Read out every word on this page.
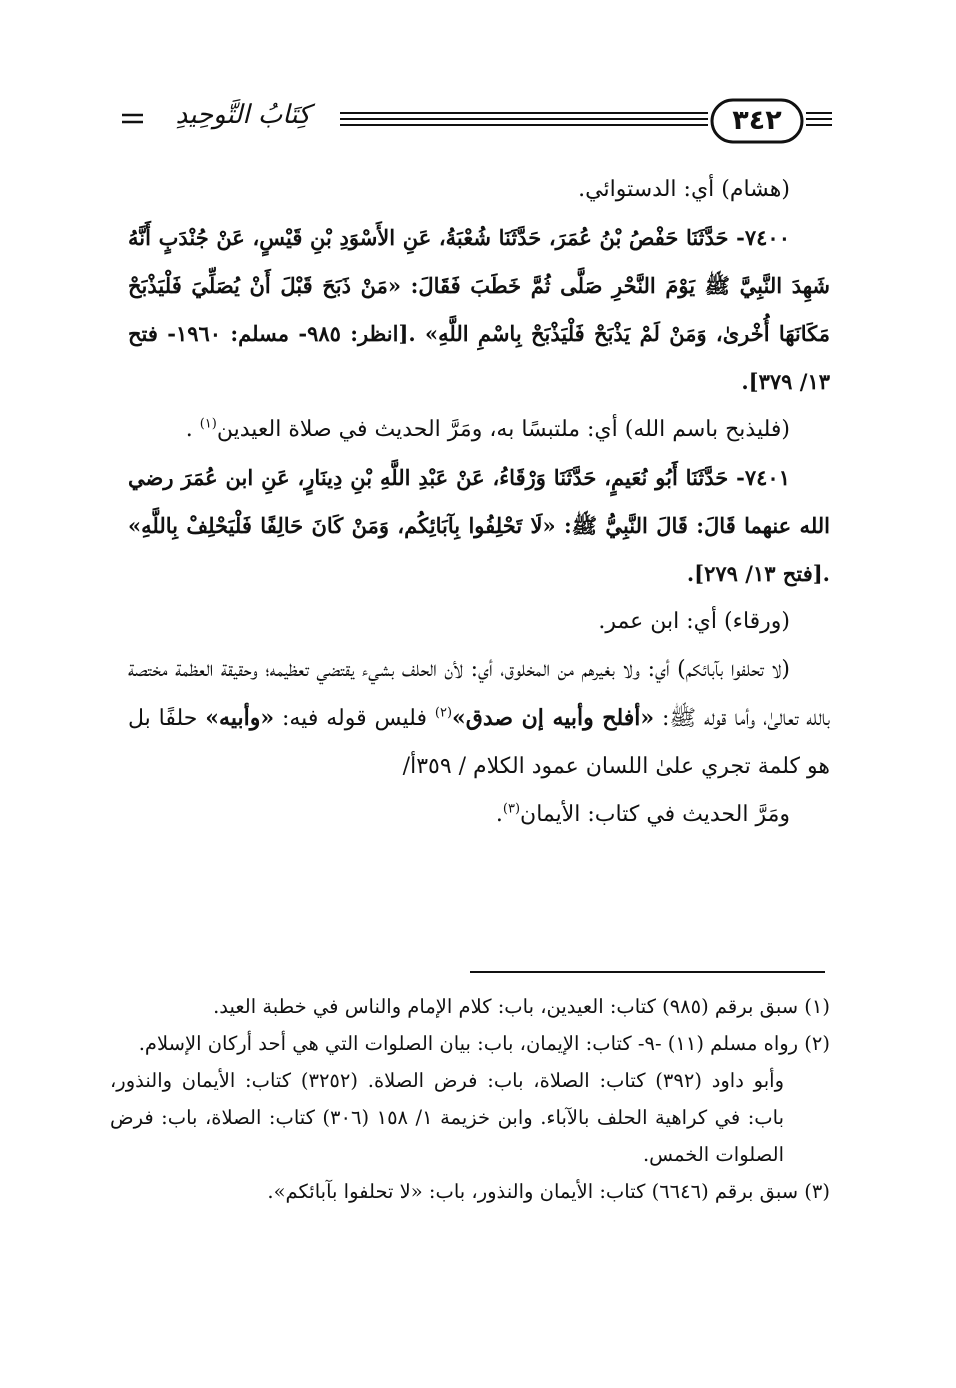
كِتَابُ التَّوحِيدِ	٣٤٢

(هشام) أي: الدستوائي.

٧٤٠٠- حَدَّثَنَا حَفْصُ بْنُ عُمَرَ، حَدَّثَنَا شُعْبَةُ، عَنِ الأَسْوَدِ بْنِ قَيْسٍ، عَنْ جُنْدَبٍ أَنَّهُ شَهِدَ النَّبِيَّ ﷺ يَوْمَ النَّحْرِ صَلَّى ثُمَّ خَطَبَ فَقَالَ: «مَنْ ذَبَحَ قَبْلَ أَنْ يُصَلِّيَ فَلْيَذْبَحْ مَكَانَهَا أُخْرىٰ، وَمَنْ لَمْ يَذْبَحْ فَلْيَذْبَحْ بِاسْمِ اللَّهِ» .[انظر: ٩٨٥- مسلم: ١٩٦٠- فتح ١٣/ ٣٧٩].

(فليذبح باسم الله) أي: ملتبسًا به، ومَرَّ الحديث في صلاة العيدين$^{(١)}$ .

٧٤٠١- حَدَّثَنَا أَبُو نُعَيمٍ، حَدَّثَنَا وَرْقَاءُ، عَنْ عَبْدِ اللَّهِ بْنِ دِينَارٍ، عَنِ ابن عُمَرَ رضي الله عنهما قَالَ: قَالَ النَّبِيُّ ﷺ: «لَا تَحْلِفُوا بِآبَائِكُم، وَمَنْ كَانَ حَالِفًا فَلْيَحْلِفْ بِاللَّهِ» .[فتح ١٣/ ٢٧٩].

(ورقاء) أي: ابن عمر.

(لا تحلفوا بآبائكم) أي: ولا بغيرهم من المخلوق، أي: لأن الحلف بشيء يقتضي تعظيمه؛ وحقيقة العظمة مختصة بالله تعالىٰ، وأما قوله ﷺ: «أفلح وأبيه إن صدق»$^{(٢)}$ فليس قوله فيه: «وأبيه» حلفًا بل هو كلمة تجري علىٰ اللسان عمود الكلام / ٣٥٩أ/

ومَرَّ الحديث في كتاب: الأيمان$^{(٣)}$.

(١) سبق برقم (٩٨٥) كتاب: العيدين، باب: كلام الإمام والناس في خطبة العيد.

(٢) رواه مسلم (١١) -٩- كتاب: الإيمان، باب: بيان الصلوات التي هي أحد أركان الإسلام.

وأبو داود (٣٩٢) كتاب: الصلاة، باب: فرض الصلاة. (٣٢٥٢) كتاب: الأيمان والنذور، باب: في كراهية الحلف بالآباء. وابن خزيمة ١/ ١٥٨ (٣٠٦) كتاب: الصلاة، باب: فرض الصلوات الخمس.

(٣) سبق برقم (٦٦٤٦) كتاب: الأيمان والنذور، باب: «لا تحلفوا بآبائكم».
